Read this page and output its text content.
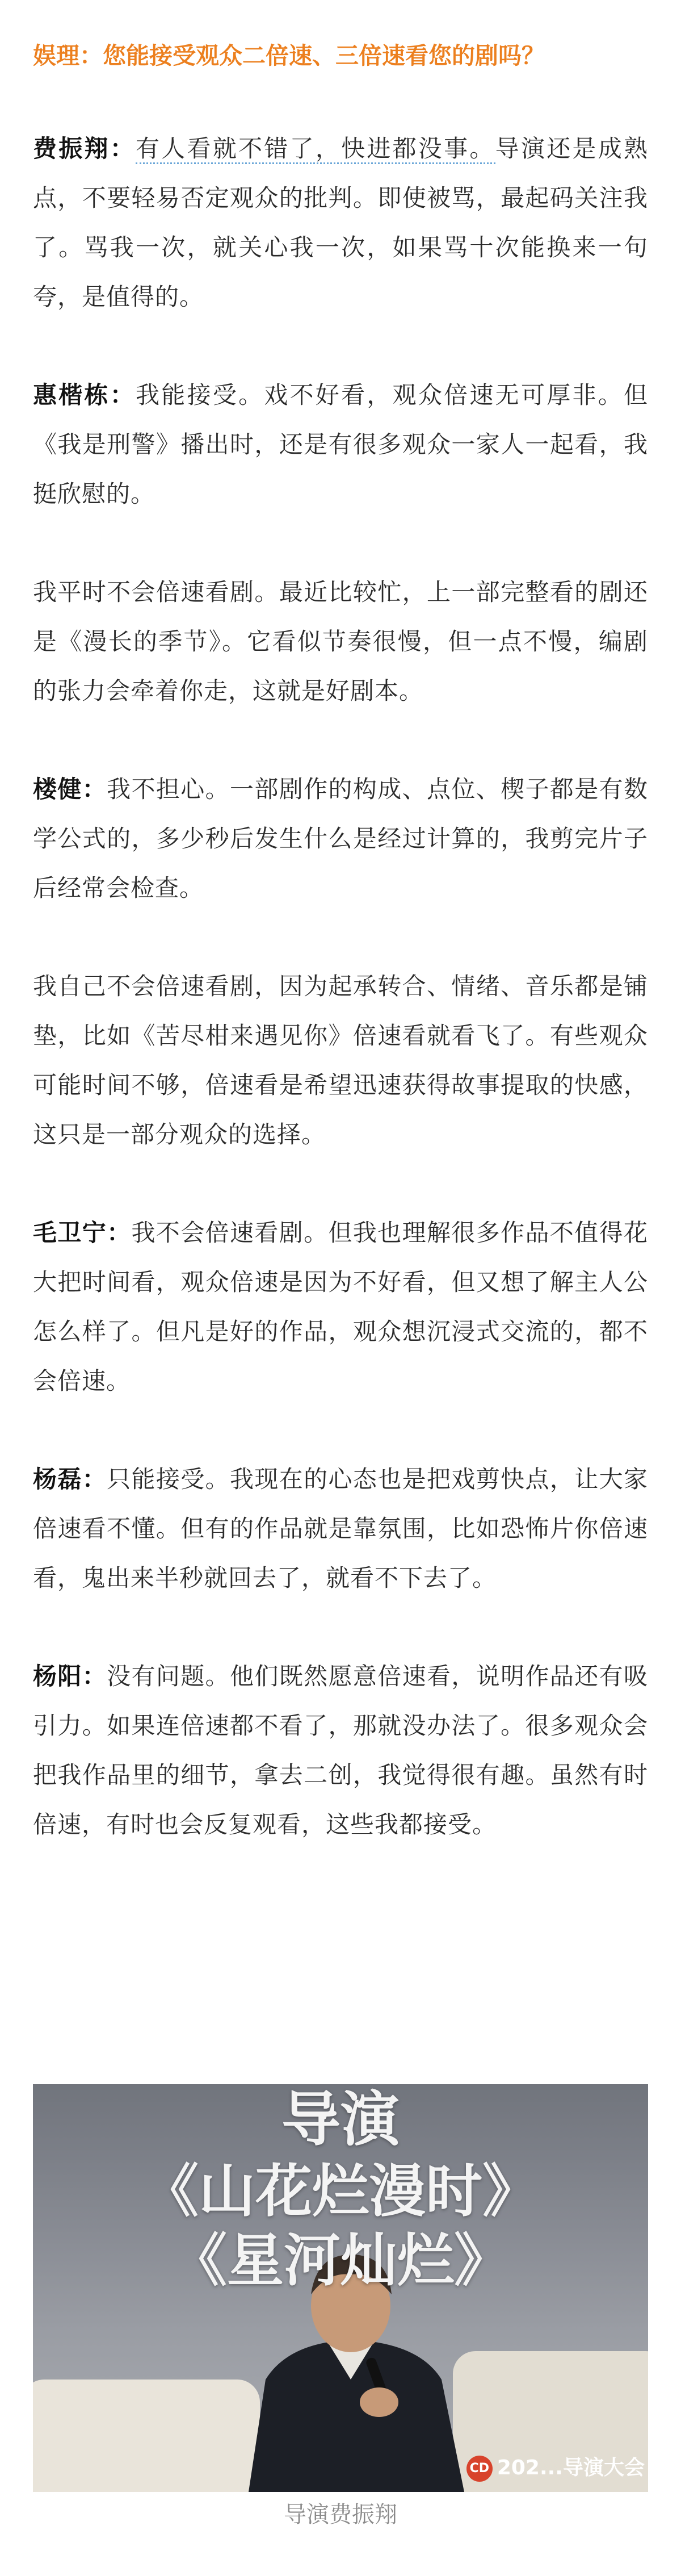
娱理：您能接受观众二倍速、三倍速看您的剧吗？

费振翔：有人看就不错了，快进都没事。导演还是成熟点，不要轻易否定观众的批判。即使被骂，最起码关注我了。骂我一次，就关心我一次，如果骂十次能换来一句夸，是值得的。

惠楷栋：我能接受。戏不好看，观众倍速无可厚非。但《我是刑警》播出时，还是有很多观众一家人一起看，我挺欣慰的。

我平时不会倍速看剧。最近比较忙，上一部完整看的剧还是《漫长的季节》。它看似节奏很慢，但一点不慢，编剧的张力会牵着你走，这就是好剧本。

楼健：我不担心。一部剧作的构成、点位、楔子都是有数学公式的，多少秒后发生什么是经过计算的，我剪完片子后经常会检查。

我自己不会倍速看剧，因为起承转合、情绪、音乐都是铺垫，比如《苦尽柑来遇见你》倍速看就看飞了。有些观众可能时间不够，倍速看是希望迅速获得故事提取的快感，这只是一部分观众的选择。

毛卫宁：我不会倍速看剧。但我也理解很多作品不值得花大把时间看，观众倍速是因为不好看，但又想了解主人公怎么样了。但凡是好的作品，观众想沉浸式交流的，都不会倍速。

杨磊：只能接受。我现在的心态也是把戏剪快点，让大家倍速看不懂。但有的作品就是靠氛围，比如恐怖片你倍速看，鬼出来半秒就回去了，就看不下去了。

杨阳：没有问题。他们既然愿意倍速看，说明作品还有吸引力。如果连倍速都不看了，那就没办法了。很多观众会把我作品里的细节，拿去二创，我觉得很有趣。虽然有时倍速，有时也会反复观看，这些我都接受。

导演
《山花烂漫时》
《星河灿烂》
CD 202...导演大会
导演费振翔
